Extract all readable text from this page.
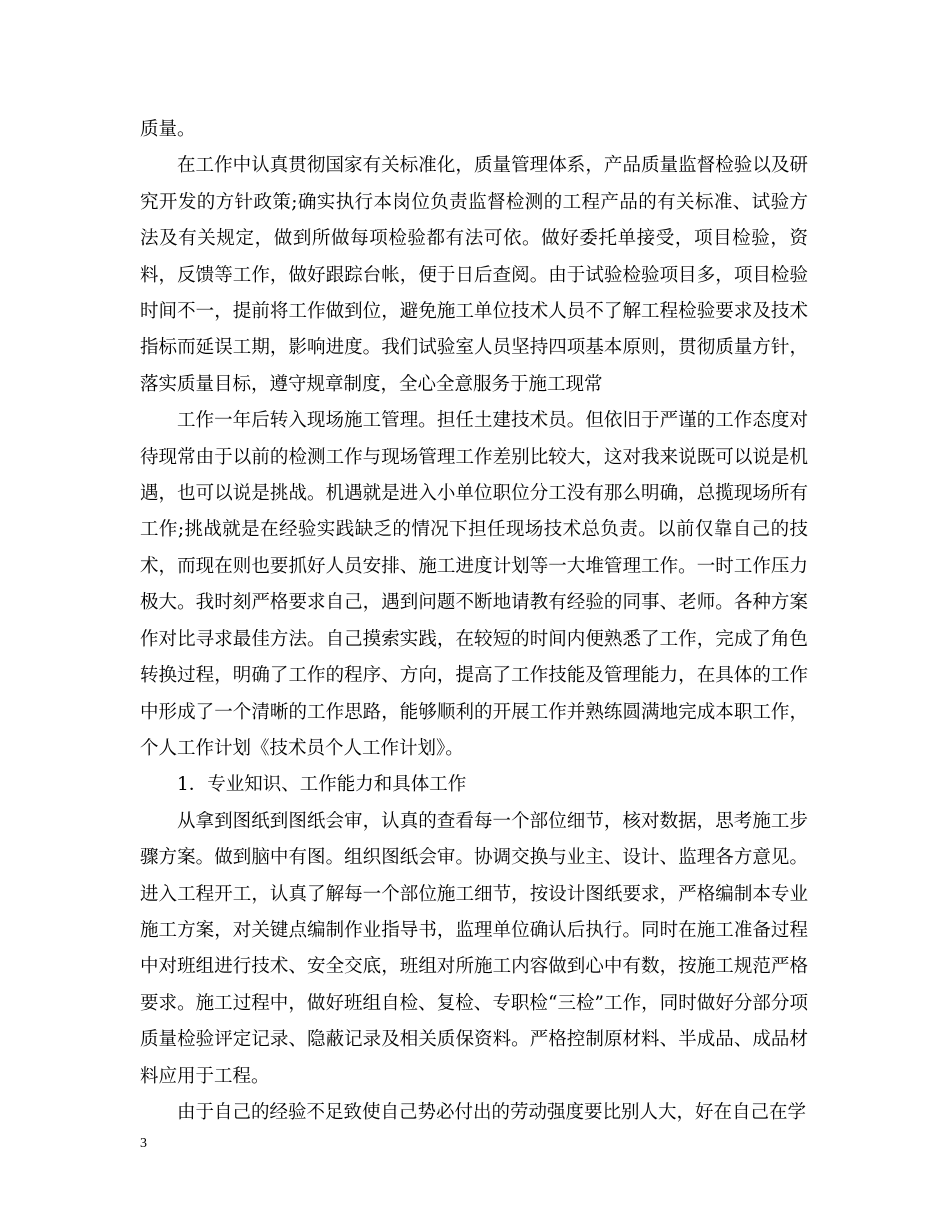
质量。

在工作中认真贯彻国家有关标准化，质量管理体系，产品质量监督检验以及研究开发的方针政策;确实执行本岗位负责监督检测的工程产品的有关标准、试验方法及有关规定，做到所做每项检验都有法可依。做好委托单接受，项目检验，资料，反馈等工作，做好跟踪台帐，便于日后查阅。由于试验检验项目多，项目检验时间不一，提前将工作做到位，避免施工单位技术人员不了解工程检验要求及技术指标而延误工期，影响进度。我们试验室人员坚持四项基本原则，贯彻质量方针，落实质量目标，遵守规章制度，全心全意服务于施工现常

工作一年后转入现场施工管理。担任土建技术员。但依旧于严谨的工作态度对待现常由于以前的检测工作与现场管理工作差别比较大，这对我来说既可以说是机遇，也可以说是挑战。机遇就是进入小单位职位分工没有那么明确，总揽现场所有工作;挑战就是在经验实践缺乏的情况下担任现场技术总负责。以前仅靠自己的技术，而现在则也要抓好人员安排、施工进度计划等一大堆管理工作。一时工作压力极大。我时刻严格要求自己，遇到问题不断地请教有经验的同事、老师。各种方案作对比寻求最佳方法。自己摸索实践，在较短的时间内便熟悉了工作，完成了角色转换过程，明确了工作的程序、方向，提高了工作技能及管理能力，在具体的工作中形成了一个清晰的工作思路，能够顺利的开展工作并熟练圆满地完成本职工作，个人工作计划《技术员个人工作计划》。

1．专业知识、工作能力和具体工作

从拿到图纸到图纸会审，认真的查看每一个部位细节，核对数据，思考施工步骤方案。做到脑中有图。组织图纸会审。协调交换与业主、设计、监理各方意见。进入工程开工，认真了解每一个部位施工细节，按设计图纸要求，严格编制本专业施工方案，对关键点编制作业指导书，监理单位确认后执行。同时在施工准备过程中对班组进行技术、安全交底，班组对所施工内容做到心中有数，按施工规范严格要求。施工过程中，做好班组自检、复检、专职检“三检”工作，同时做好分部分项质量检验评定记录、隐蔽记录及相关质保资料。严格控制原材料、半成品、成品材料应用于工程。

由于自己的经验不足致使自己势必付出的劳动强度要比别人大，好在自己在学

3
